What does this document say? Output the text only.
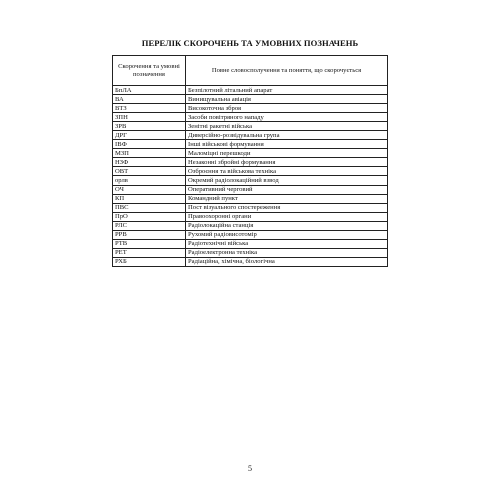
ПЕРЕЛІК СКОРОЧЕНЬ ТА УМОВНИХ ПОЗНАЧЕНЬ
Скорочення та умовні позначення	Повне словосполучення та поняття, що скорочується
БпЛА	Безпілотний літальний апарат
ВА	Винищувальна авіація
ВТЗ	Високоточна зброя
ЗПН	Засоби повітряного нападу
ЗРВ	Зенітні ракетні війська
ДРГ	Диверсійно-розвідувальна група
ІВФ	Інші військові формування
МЗП	Маломіцні перешкоди
НЗФ	Незаконні збройні формування
ОВТ	Озброєння та військова техніка
орлв	Окремий радіолокаційний взвод
ОЧ	Оперативний черговий
КП	Командний пункт
ПВС	Пост візуального спостереження
ПрО	Правоохоронні органи
РЛС	Радіолокаційна станція
РРВ	Рухомий радіовисотомір
РТВ	Радіотехнічні війська
РЕТ	Радіоелектронна техніка
РХБ	Радіаційна, хімічна, біологічна

5
